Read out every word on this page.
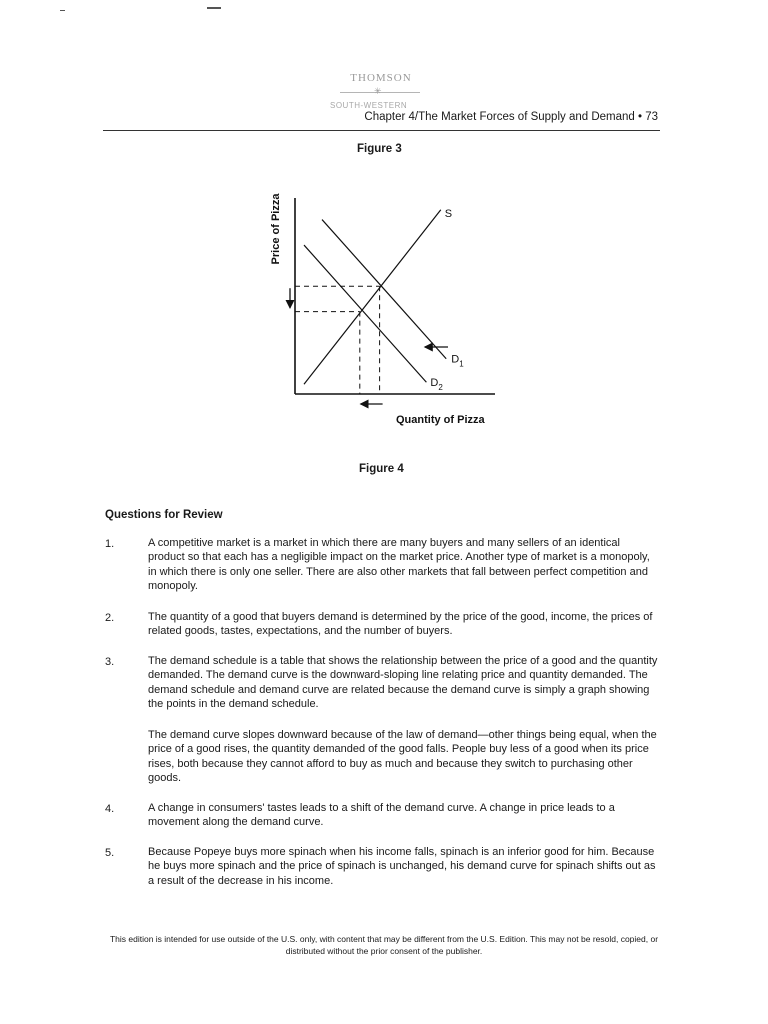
THOMSON
✳
SOUTH-WESTERN
Chapter 4/The Market Forces of Supply and Demand • 73
Figure 3
Price of Pizza
Quantity of Pizza
S
D 1
D 2
Figure 4
Questions for Review
1.	A competitive market is a market in which there are many buyers and many sellers of an identical product so that each has a negligible impact on the market price. Another type of market is a monopoly, in which there is only one seller. There are also other markets that fall between perfect competition and monopoly.
2.	The quantity of a good that buyers demand is determined by the price of the good, income, the prices of related goods, tastes, expectations, and the number of buyers.
3.	The demand schedule is a table that shows the relationship between the price of a good and the quantity demanded. The demand curve is the downward-sloping line relating price and quantity demanded. The demand schedule and demand curve are related because the demand curve is simply a graph showing the points in the demand schedule.
The demand curve slopes downward because of the law of demand—other things being equal, when the price of a good rises, the quantity demanded of the good falls. People buy less of a good when its price rises, both because they cannot afford to buy as much and because they switch to purchasing other goods.
4.	A change in consumers' tastes leads to a shift of the demand curve. A change in price leads to a movement along the demand curve.
5.	Because Popeye buys more spinach when his income falls, spinach is an inferior good for him. Because he buys more spinach and the price of spinach is unchanged, his demand curve for spinach shifts out as a result of the decrease in his income.
This edition is intended for use outside of the U.S. only, with content that may be different from the U.S. Edition. This may not be resold, copied, or distributed without the prior consent of the publisher.
